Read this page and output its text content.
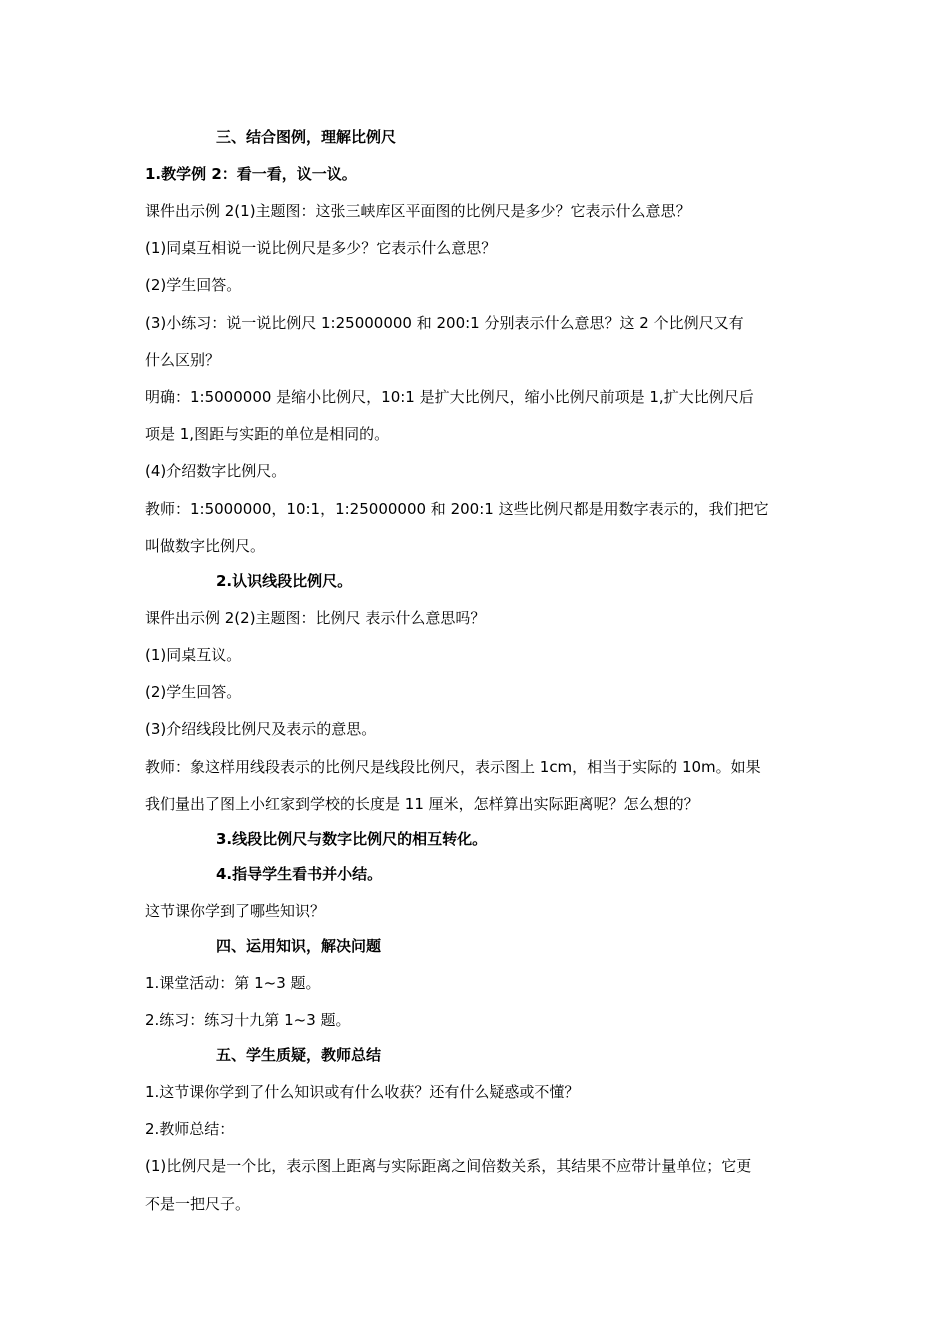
三、结合图例，理解比例尺
1.教学例 2：看一看，议一议。
课件出示例 2(1)主题图：这张三峡库区平面图的比例尺是多少？它表示什么意思？
(1)同桌互相说一说比例尺是多少？它表示什么意思？
(2)学生回答。
(3)小练习：说一说比例尺 1:25000000 和 200:1 分别表示什么意思？这 2 个比例尺又有
什么区别？
明确：1:5000000 是缩小比例尺，10:1 是扩大比例尺，缩小比例尺前项是 1,扩大比例尺后
项是 1,图距与实距的单位是相同的。
(4)介绍数字比例尺。
教师：1:5000000，10:1，1:25000000 和 200:1 这些比例尺都是用数字表示的，我们把它
叫做数字比例尺。
2.认识线段比例尺。
课件出示例 2(2)主题图：比例尺 表示什么意思吗？
(1)同桌互议。
(2)学生回答。
(3)介绍线段比例尺及表示的意思。
教师：象这样用线段表示的比例尺是线段比例尺，表示图上 1cm，相当于实际的 10m。如果
我们量出了图上小红家到学校的长度是 11 厘米，怎样算出实际距离呢？怎么想的？
3.线段比例尺与数字比例尺的相互转化。
4.指导学生看书并小结。
这节课你学到了哪些知识？
四、运用知识，解决问题
1.课堂活动：第 1~3 题。
2.练习：练习十九第 1~3 题。
五、学生质疑，教师总结
1.这节课你学到了什么知识或有什么收获？还有什么疑惑或不懂？
2.教师总结：
(1)比例尺是一个比，表示图上距离与实际距离之间倍数关系，其结果不应带计量单位；它更
不是一把尺子。
